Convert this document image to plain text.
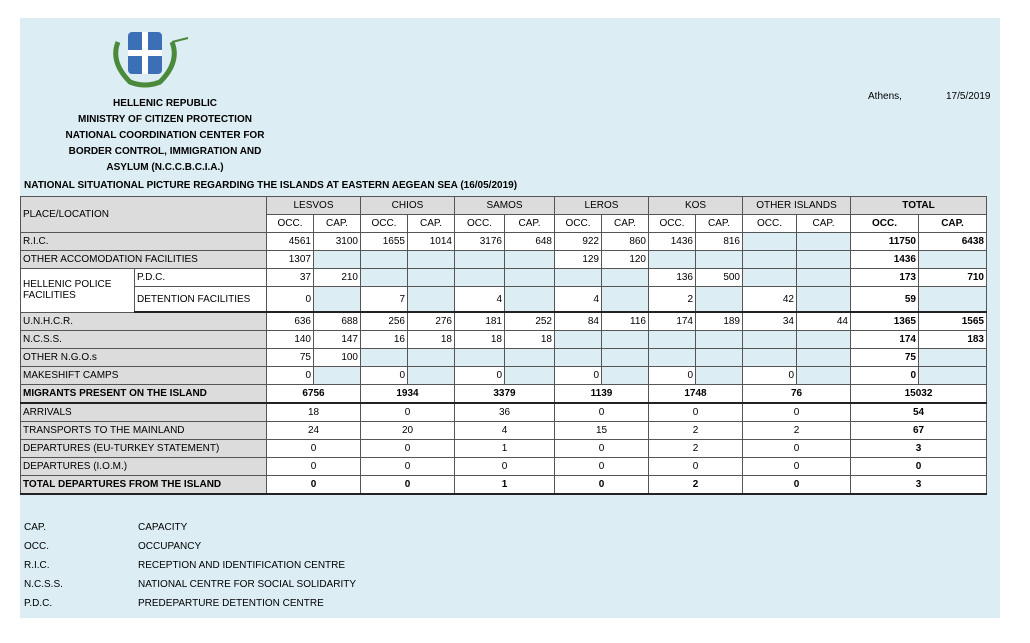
HELLENIC REPUBLIC
MINISTRY OF CITIZEN PROTECTION
NATIONAL COORDINATION CENTER FOR
BORDER CONTROL, IMMIGRATION AND
ASYLUM (N.C.C.B.C.I.A.)
Athens,	17/5/2019
NATIONAL SITUATIONAL PICTURE REGARDING THE ISLANDS AT EASTERN AEGEAN SEA (16/05/2019)
PLACE/LOCATION		LESVOS		CHIOS		SAMOS		LEROS		KOS		OTHER ISLANDS		TOTAL	
		OCC.	CAP.	OCC.	CAP.	OCC.	CAP.	OCC.	CAP.	OCC.	CAP.	OCC.	CAP.	OCC.	CAP.
R.I.C.		4561	3100	1655	1014	3176	648	922	860	1436	816			11750	6438
OTHER ACCOMODATION FACILITIES		1307						129	120					1436	
HELLENIC POLICE FACILITIES	P.D.C.	37	210							136	500			173	710
	DETENTION FACILITIES	0		7		4		4		2		42		59	
U.N.H.C.R.		636	688	256	276	181	252	84	116	174	189	34	44	1365	1565
N.C.S.S.		140	147	16	18	18	18							174	183
OTHER N.G.O.s		75	100											75	
MAKESHIFT CAMPS		0		0		0		0		0		0		0	
MIGRANTS PRESENT ON THE ISLAND		6756		1934		3379		1139		1748		76		15032	
ARRIVALS		18		0		36		0		0		0		54	
TRANSPORTS TO THE MAINLAND		24		20		4		15		2		2		67	
DEPARTURES (EU-TURKEY STATEMENT)		0		0		1		0		2		0		3	
DEPARTURES (I.O.M.)		0		0		0		0		0		0		0	
TOTAL DEPARTURES FROM THE ISLAND		0		0		1		0		2		0		3	
CAP.	CAPACITY
OCC.	OCCUPANCY
R.I.C.	RECEPTION AND IDENTIFICATION CENTRE
N.C.S.S.	NATIONAL CENTRE FOR SOCIAL SOLIDARITY
P.D.C.	PREDEPARTURE DETENTION CENTRE
